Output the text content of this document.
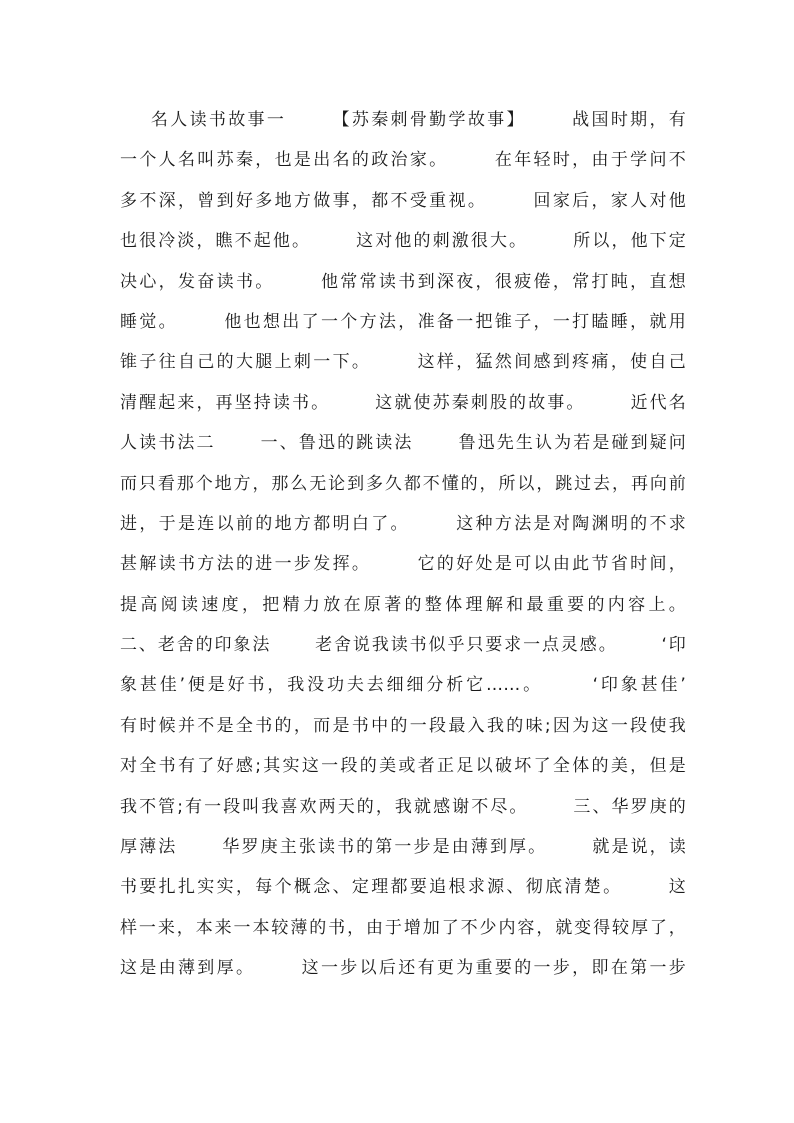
名人读书故事一      【苏秦刺骨勤学故事】      战国时期，有
一个人名叫苏秦，也是出名的政治家。      在年轻时，由于学问不
多不深，曾到好多地方做事，都不受重视。      回家后，家人对他
也很冷淡，瞧不起他。      这对他的刺激很大。      所以，他下定
决心，发奋读书。      他常常读书到深夜，很疲倦，常打盹，直想
睡觉。      他也想出了一个方法，准备一把锥子，一打瞌睡，就用
锥子往自己的大腿上刺一下。      这样，猛然间感到疼痛，使自己
清醒起来，再坚持读书。      这就使苏秦刺股的故事。      近代名
人读书法二      一、鲁迅的跳读法      鲁迅先生认为若是碰到疑问
而只看那个地方，那么无论到多久都不懂的，所以，跳过去，再向前
进，于是连以前的地方都明白了。      这种方法是对陶渊明的不求
甚解读书方法的进一步发挥。      它的好处是可以由此节省时间，
提高阅读速度，把精力放在原著的整体理解和最重要的内容上。
二、老舍的印象法      老舍说我读书似乎只要求一点灵感。      ‘印
象甚佳’便是好书，我没功夫去细细分析它……。      ‘印象甚佳’
有时候并不是全书的，而是书中的一段最入我的味;因为这一段使我
对全书有了好感;其实这一段的美或者正足以破坏了全体的美，但是
我不管;有一段叫我喜欢两天的，我就感谢不尽。      三、华罗庚的
厚薄法      华罗庚主张读书的第一步是由薄到厚。      就是说，读
书要扎扎实实，每个概念、定理都要追根求源、彻底清楚。      这
样一来，本来一本较薄的书，由于增加了不少内容，就变得较厚了，
这是由薄到厚。      这一步以后还有更为重要的一步，即在第一步
